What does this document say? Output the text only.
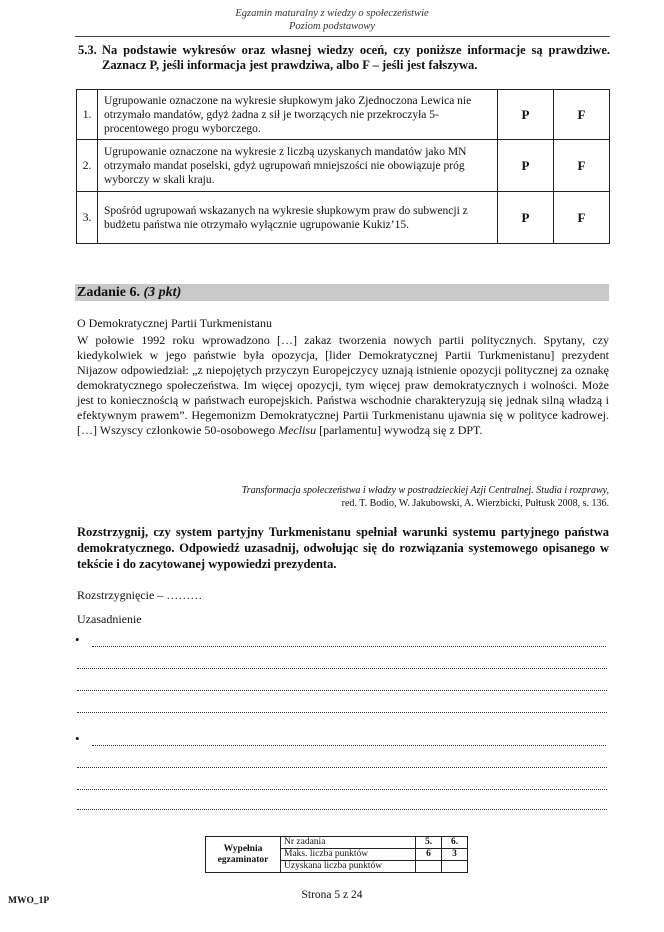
Egzamin maturalny z wiedzy o społeczeństwie
Poziom podstawowy
5.3. Na podstawie wykresów oraz własnej wiedzy oceń, czy poniższe informacje są prawdziwe. Zaznacz P, jeśli informacja jest prawdziwa, albo F – jeśli jest fałszywa.
1.	Ugrupowanie oznaczone na wykresie słupkowym jako Zjednoczona Lewica nie otrzymało mandatów, gdyż żadna z sił je tworzących nie przekroczyła 5-procentowego progu wyborczego.	P	F
2.	Ugrupowanie oznaczone na wykresie z liczbą uzyskanych mandatów jako MN otrzymało mandat poselski, gdyż ugrupowań mniejszości nie obowiązuje próg wyborczy w skali kraju.	P	F
3.	Spośród ugrupowań wskazanych na wykresie słupkowym praw do subwencji z budżetu państwa nie otrzymało wyłącznie ugrupowanie Kukiz’15.	P	F
Zadanie 6. (3 pkt)
O Demokratycznej Partii Turkmenistanu
W połowie 1992 roku wprowadzono […] zakaz tworzenia nowych partii politycznych. Spytany, czy kiedykolwiek w jego państwie była opozycja, [lider Demokratycznej Partii Turkmenistanu] prezydent Nijazow odpowiedział: „z niepojętych przyczyn Europejczycy uznają istnienie opozycji politycznej za oznakę demokratycznego społeczeństwa. Im więcej opozycji, tym więcej praw demokratycznych i wolności. Może jest to koniecznością w państwach europejskich. Państwa wschodnie charakteryzują się jednak silną władzą i efektywnym prawem”. Hegemonizm Demokratycznej Partii Turkmenistanu ujawnia się w polityce kadrowej. […] Wszyscy członkowie 50-osobowego Meclisu [parlamentu] wywodzą się z DPT.
Transformacja społeczeństwa i władzy w postradzieckiej Azji Centralnej. Studia i rozprawy,
red. T. Bodio, W. Jakubowski, A. Wierzbicki, Pułtusk 2008, s. 136.
Rozstrzygnij, czy system partyjny Turkmenistanu spełniał warunki systemu partyjnego państwa demokratycznego. Odpowiedź uzasadnij, odwołując się do rozwiązania systemowego opisanego w tekście i do zacytowanej wypowiedzi prezydenta.
Rozstrzygnięcie – ………
Uzasadnienie
•
•
Wypełnia egzaminator	Nr zadania	5.	6.
	Maks. liczba punktów	6	3
	Uzyskana liczba punktów		
Strona 5 z 24
MWO_1P
